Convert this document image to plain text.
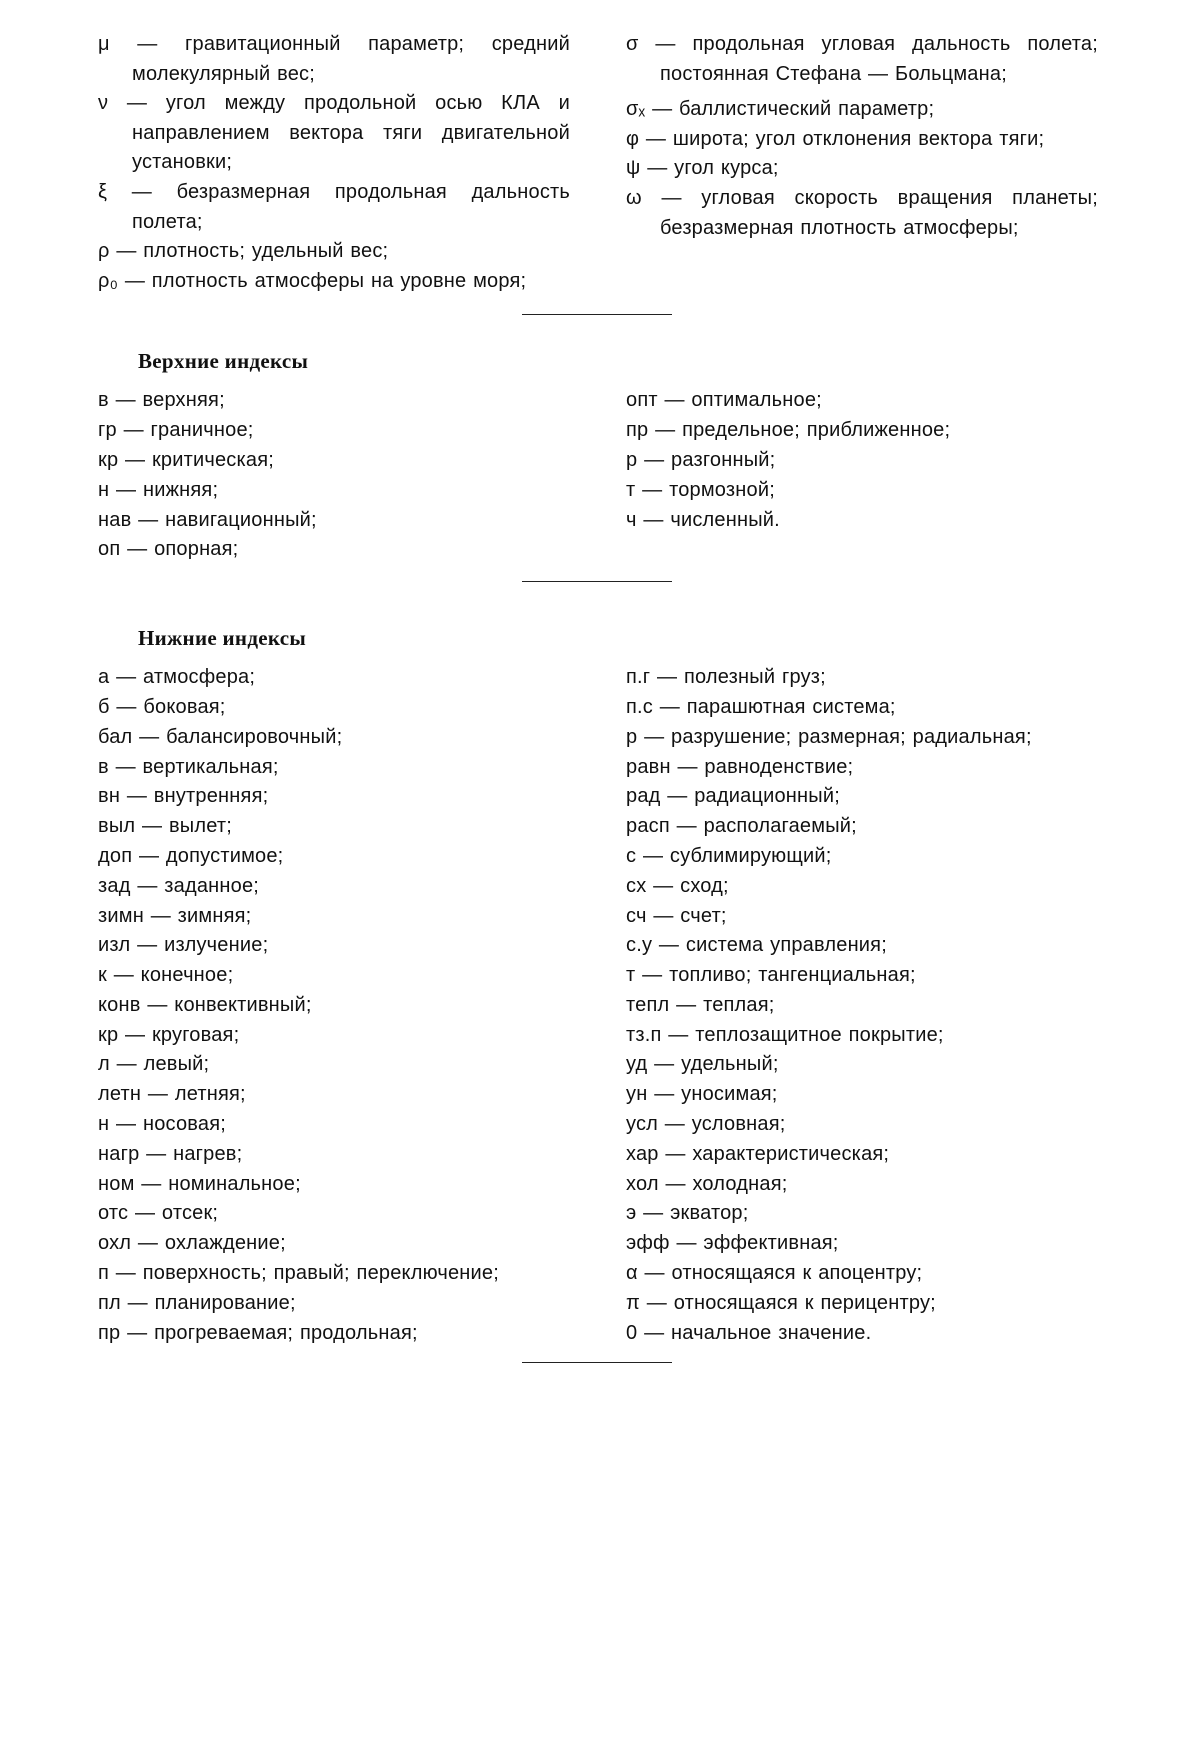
μ — гравитационный параметр; средний молекулярный вес;
ν — угол между продольной осью КЛА и направлением вектора тяги двигательной установки;
ξ — безразмерная продольная дальность полета;
ρ — плотность; удельный вес;
ρ₀ — плотность атмосферы на уровне моря;
σ — продольная угловая дальность полета; постоянная Стефана — Больцмана;
σₓ — баллистический параметр;
φ — широта; угол отклонения вектора тяги;
ψ — угол курса;
ω — угловая скорость вращения планеты; безразмерная плотность атмосферы;
Верхние индексы
в — верхняя;
гр — граничное;
кр — критическая;
н — нижняя;
нав — навигационный;
оп — опорная;
опт — оптимальное;
пр — предельное; приближенное;
р — разгонный;
т — тормозной;
ч — численный.
Нижние индексы
а — атмосфера;
б — боковая;
бал — балансировочный;
в — вертикальная;
вн — внутренняя;
выл — вылет;
доп — допустимое;
зад — заданное;
зимн — зимняя;
изл — излучение;
к — конечное;
конв — конвективный;
кр — круговая;
л — левый;
летн — летняя;
н — носовая;
нагр — нагрев;
ном — номинальное;
отс — отсек;
охл — охлаждение;
п — поверхность; правый; переключение;
пл — планирование;
пр — прогреваемая; продольная;
п.г — полезный груз;
п.с — парашютная система;
р — разрушение; размерная; радиальная;
равн — равноденствие;
рад — радиационный;
расп — располагаемый;
с — сублимирующий;
сх — сход;
сч — счет;
с.у — система управления;
т — топливо; тангенциальная;
тепл — теплая;
тз.п — теплозащитное покрытие;
уд — удельный;
ун — уносимая;
усл — условная;
хар — характеристическая;
хол — холодная;
э — экватор;
эфф — эффективная;
α — относящаяся к апоцентру;
π — относящаяся к перицентру;
0 — начальное значение.
